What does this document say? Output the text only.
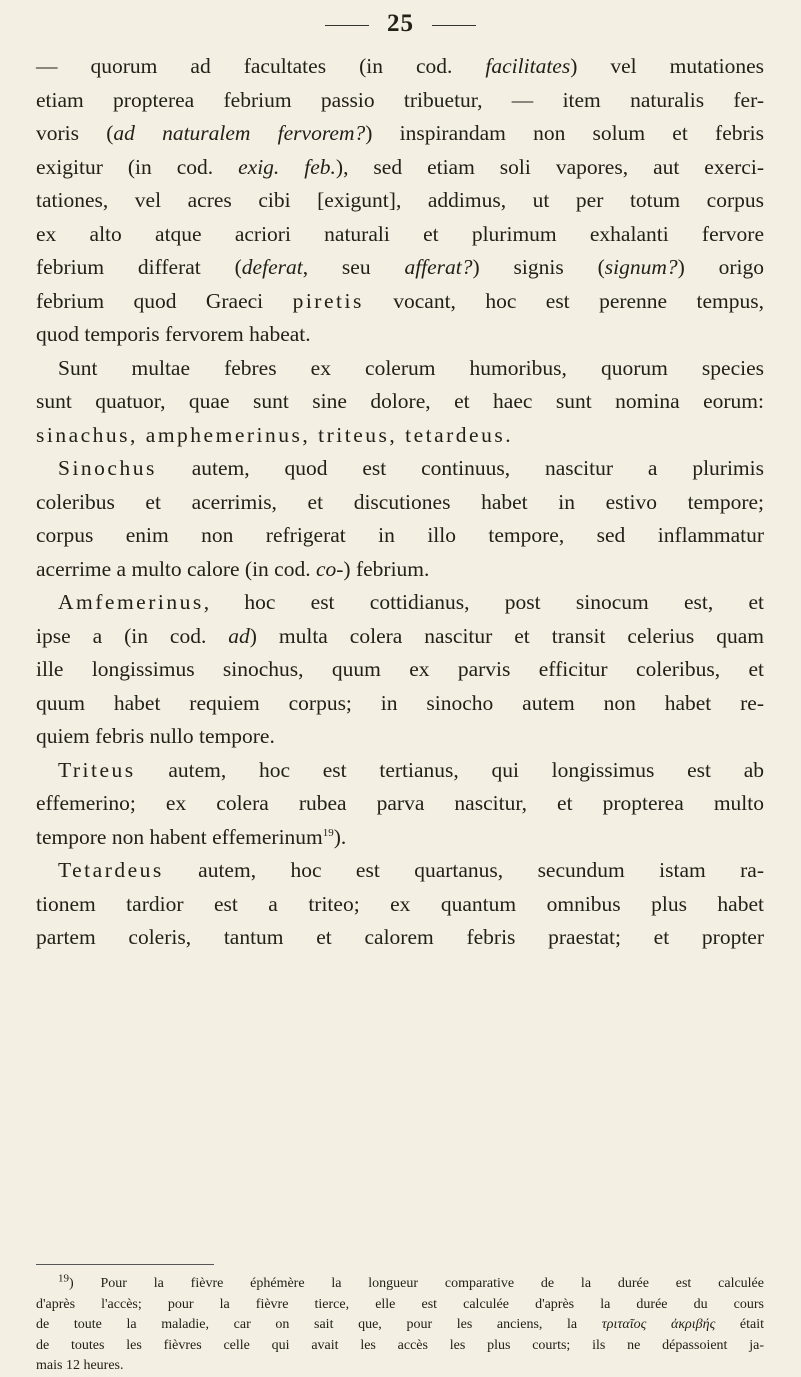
25

— quorum ad facultates (in cod. facilitates) vel mutationes

etiam propterea febrium passio tribuetur, — item naturalis fer-

voris (ad naturalem fervorem?) inspirandam non solum et febris

exigitur (in cod. exig. feb.), sed etiam soli vapores, aut exerci-

tationes, vel acres cibi [exigunt], addimus, ut per totum corpus

ex alto atque acriori naturali et plurimum exhalanti fervore

febrium differat (deferat, seu afferat?) signis (signum?) origo

febrium quod Graeci piretis vocant, hoc est perenne tempus,

quod temporis fervorem habeat.

Sunt multae febres ex colerum humoribus, quorum species

sunt quatuor, quae sunt sine dolore, et haec sunt nomina eorum:

sinachus, amphemerinus, triteus, tetardeus.

Sinochus autem, quod est continuus, nascitur a plurimis

coleribus et acerrimis, et discutiones habet in estivo tempore;

corpus enim non refrigerat in illo tempore, sed inflammatur

acerrime a multo calore (in cod. co-) febrium.

Amfemerinus, hoc est cottidianus, post sinocum est, et

ipse a (in cod. ad) multa colera nascitur et transit celerius quam

ille longissimus sinochus, quum ex parvis efficitur coleribus, et

quum habet requiem corpus; in sinocho autem non habet re-

quiem febris nullo tempore.

Triteus autem, hoc est tertianus, qui longissimus est ab

effemerino; ex colera rubea parva nascitur, et propterea multo

tempore non habent effemerinum$^{19}$).

Tetardeus autem, hoc est quartanus, secundum istam ra-

tionem tardior est a triteo; ex quantum omnibus plus habet

partem coleris, tantum et calorem febris praestat; et propter

$^{19}$) Pour la fièvre éphémère la longueur comparative de la durée est calculée

d'après l'accès; pour la fièvre tierce, elle est calculée d'après la durée du cours

de toute la maladie, car on sait que, pour les anciens, la τριταῖος ἀκριβής était

de toutes les fièvres celle qui avait les accès les plus courts; ils ne dépassoient ja-

mais 12 heures.
